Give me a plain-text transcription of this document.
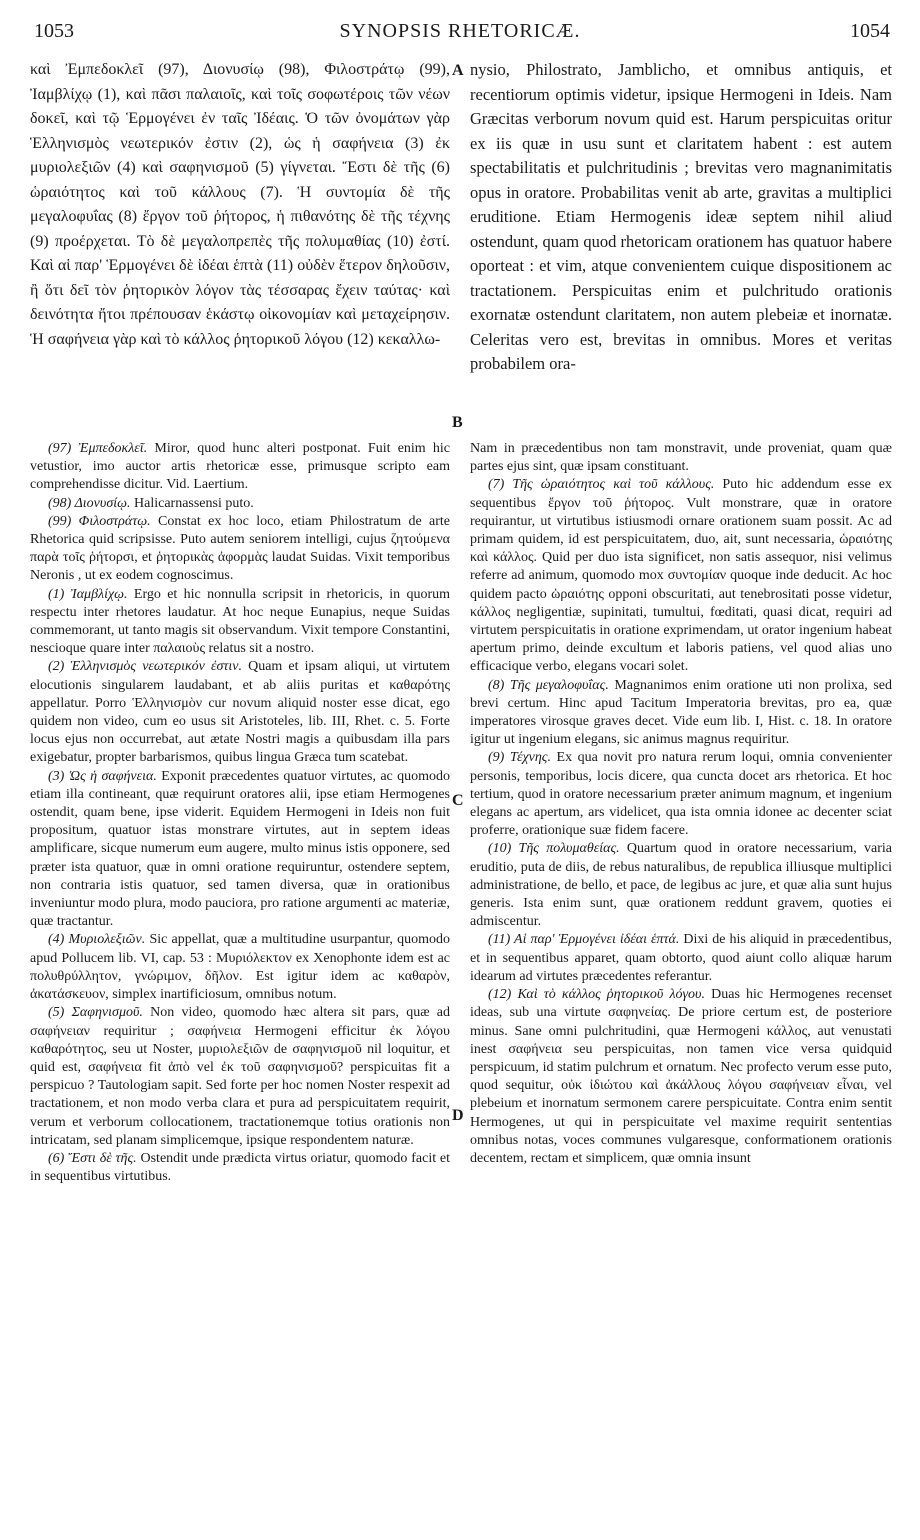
1053	SYNOPSIS RHETORICÆ.	1054
A
B
C
D

καὶ Ἐμπεδοκλεῖ (97), Διονυσίῳ (98), Φιλοστράτῳ (99), Ἰαμβλίχῳ (1), καὶ πᾶσι παλαιοῖς, καὶ τοῖς σοφωτέροις τῶν νέων δοκεῖ, καὶ τῷ Ἑρμογένει ἐν ταῖς Ἰδέαις. Ὁ τῶν ὀνομάτων γὰρ Ἑλληνισμὸς νεωτερικόν ἐστιν (2), ὡς ἡ σαφήνεια (3) ἐκ μυριολεξιῶν (4) καὶ σαφηνισμοῦ (5) γίγνεται. Ἔστι δὲ τῆς (6) ὡραιότητος καὶ τοῦ κάλλους (7). Ἡ συντομία δὲ τῆς μεγαλοφυΐας (8) ἔργον τοῦ ῥήτορος, ἡ πιθανότης δὲ τῆς τέχνης (9) προέρχεται. Τὸ δὲ μεγαλοπρεπὲς τῆς πολυμαθίας (10) ἐστί. Καὶ αἱ παρ' Ἑρμογένει δὲ ἰδέαι ἑπτὰ (11) οὐδὲν ἕτερον δηλοῦσιν, ἢ ὅτι δεῖ τὸν ῥητορικὸν λόγον τὰς τέσσαρας ἔχειν ταύτας· καὶ δεινότητα ἤτοι πρέπουσαν ἑκάστῳ οἰκονομίαν καὶ μεταχείρησιν. Ἡ σαφήνεια γὰρ καὶ τὸ κάλλος ῥητορικοῦ λόγου (12) κεκαλλω-

nysio, Philostrato, Jamblicho, et omnibus antiquis, et recentiorum optimis videtur, ipsique Hermogeni in Ideis. Nam Græcitas verborum novum quid est. Harum perspicuitas oritur ex iis quæ in usu sunt et claritatem habent : est autem spectabilitatis et pulchritudinis ; brevitas vero magnanimitatis opus in oratore. Probabilitas venit ab arte, gravitas a multiplici eruditione. Etiam Hermogenis ideæ septem nihil aliud ostendunt, quam quod rhetoricam orationem has quatuor habere oporteat : et vim, atque convenientem cuique dispositionem ac tractationem. Perspicuitas enim et pulchritudo orationis exornatæ ostendunt claritatem, non autem plebeiæ et inornatæ. Celeritas vero est, brevitas in omnibus. Mores et veritas probabilem ora-

(97) Ἐμπεδοκλεῖ. Miror, quod hunc alteri postponat. Fuit enim hic vetustior, imo auctor artis rhetoricæ esse, primusque scripto eam comprehendisse dicitur. Vid. Laertium.

(98) Διονυσίῳ. Halicarnassensi puto.

(99) Φιλοστράτῳ. Constat ex hoc loco, etiam Philostratum de arte Rhetorica quid scripsisse. Puto autem seniorem intelligi, cujus ζητούμενα παρὰ τοῖς ῥήτορσι, et ῥητορικὰς ἀφορμὰς laudat Suidas. Vixit temporibus Neronis , ut ex eodem cognoscimus.

(1) Ἰαμβλίχῳ. Ergo et hic nonnulla scripsit in rhetoricis, in quorum respectu inter rhetores laudatur. At hoc neque Eunapius, neque Suidas commemorant, ut tanto magis sit observandum. Vixit tempore Constantini, nescioque quare inter παλαιοὺς relatus sit a nostro.

(2) Ἑλληνισμὸς νεωτερικόν ἐστιν. Quam et ipsam aliqui, ut virtutem elocutionis singularem laudabant, et ab aliis puritas et καθαρότης appellatur. Porro Ἑλληνισμὸν cur novum aliquid noster esse dicat, ego quidem non video, cum eo usus sit Aristoteles, lib. III, Rhet. c. 5. Forte locus ejus non occurrebat, aut ætate Nostri magis a quibusdam illa pars exigebatur, propter barbarismos, quibus lingua Græca tum scatebat.

(3) Ὡς ἡ σαφήνεια. Exponit præcedentes quatuor virtutes, ac quomodo etiam illa contineant, quæ requirunt oratores alii, ipse etiam Hermogenes ostendit, quam bene, ipse viderit. Equidem Hermogeni in Ideis non fuit propositum, quatuor istas monstrare virtutes, aut in septem ideas amplificare, sicque numerum eum augere, multo minus istis opponere, sed præter ista quatuor, quæ in omni oratione requiruntur, ostendere septem, non contraria istis quatuor, sed tamen diversa, quæ in orationibus inveniuntur modo plura, modo pauciora, pro ratione argumenti ac materiæ, quæ tractantur.

(4) Μυριολεξιῶν. Sic appellat, quæ a multitudine usurpantur, quomodo apud Pollucem lib. VI, cap. 53 : Μυριόλεκτον ex Xenophonte idem est ac πολυθρύλλητον, γνώριμον, δῆλον. Est igitur idem ac καθαρὸν, ἀκατάσκευον, simplex inartificiosum, omnibus notum.

(5) Σαφηνισμοῦ. Non video, quomodo hæc altera sit pars, quæ ad σαφήνειαν requiritur ; σαφήνεια Hermogeni efficitur ἐκ λόγου καθαρότητος, seu ut Noster, μυριολεξιῶν de σαφηνισμοῦ nil loquitur, et quid est, σαφήνεια fit ἀπὸ vel ἐκ τοῦ σαφηνισμοῦ? perspicuitas fit a perspicuo ? Tautologiam sapit. Sed forte per hoc nomen Noster respexit ad tractationem, et non modo verba clara et pura ad perspicuitatem requirit, verum et verborum collocationem, tractationemque totius orationis non intricatam, sed planam simplicemque, ipsique respondentem naturæ.

(6) Ἔστι δὲ τῆς. Ostendit unde prædicta virtus oriatur, quomodo facit et in sequentibus virtutibus.

Nam in præcedentibus non tam monstravit, unde proveniat, quam quæ partes ejus sint, quæ ipsam constituant.

(7) Τῆς ὡραιότητος καὶ τοῦ κάλλους. Puto hic addendum esse ex sequentibus ἔργον τοῦ ῥήτορος. Vult monstrare, quæ in oratore requirantur, ut virtutibus istiusmodi ornare orationem suam possit. Ac ad primam quidem, id est perspicuitatem, duo, ait, sunt necessaria, ὡραιότης καὶ κάλλος. Quid per duo ista significet, non satis assequor, nisi velimus referre ad animum, quomodo mox συντομίαν quoque inde deducit. Ac hoc quidem pacto ὡραιότης opponi obscuritati, aut tenebrositati posse videtur, κάλλος negligentiæ, supinitati, tumultui, fœditati, quasi dicat, requiri ad virtutem perspicuitatis in oratione exprimendam, ut orator ingenium habeat apertum primo, deinde excultum et laboris patiens, vel quod alias uno efficacique verbo, elegans vocari solet.

(8) Τῆς μεγαλοφυΐας. Magnanimos enim oratione uti non prolixa, sed brevi certum. Hinc apud Tacitum Imperatoria brevitas, pro ea, quæ imperatores virosque graves decet. Vide eum lib. I, Hist. c. 18. In oratore igitur ut ingenium elegans, sic animus magnus requiritur.

(9) Τέχνης. Ex qua novit pro natura rerum loqui, omnia convenienter personis, temporibus, locis dicere, qua cuncta docet ars rhetorica. Et hoc tertium, quod in oratore necessarium præter animum magnum, et ingenium elegans ac apertum, ars videlicet, qua ista omnia idonee ac decenter sciat proferre, orationique suæ fidem facere.

(10) Τῆς πολυμαθείας. Quartum quod in oratore necessarium, varia eruditio, puta de diis, de rebus naturalibus, de republica illiusque multiplici administratione, de bello, et pace, de legibus ac jure, et quæ alia sunt hujus generis. Ista enim sunt, quæ orationem reddunt gravem, quoties ei admiscentur.

(11) Αἱ παρ' Ἑρμογένει ἰδέαι ἑπτά. Dixi de his aliquid in præcedentibus, et in sequentibus apparet, quam obtorto, quod aiunt collo aliquæ harum idearum ad virtutes præcedentes referantur.

(12) Καὶ τὸ κάλλος ῥητορικοῦ λόγου. Duas hic Hermogenes recenset ideas, sub una virtute σαφηνείας. De priore certum est, de posteriore minus. Sane omni pulchritudini, quæ Hermogeni κάλλος, aut venustati inest σαφήνεια seu perspicuitas, non tamen vice versa quidquid perspicuum, id statim pulchrum et ornatum. Nec profecto verum esse puto, quod sequitur, οὐκ ἰδιώτου καὶ ἀκάλλους λόγου σαφήνειαν εἶναι, vel plebeium et inornatum sermonem carere perspicuitate. Contra enim sentit Hermogenes, ut qui in perspicuitate vel maxime requirit sententias omnibus notas, voces communes vulgaresque, conformationem orationis decentem, rectam et simplicem, quæ omnia insunt
